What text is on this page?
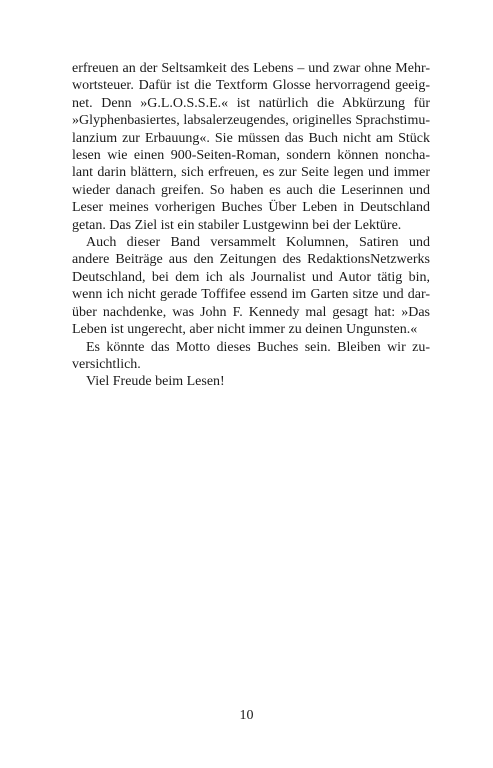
erfreuen an der Seltsamkeit des Lebens – und zwar ohne Mehr-
wortsteuer. Dafür ist die Textform Glosse hervorragend geeig-
net. Denn »G.L.O.S.S.E.« ist natürlich die Abkürzung für
»Glyphenbasiertes, labsalerzeugendes, originelles Sprachstimu-
lanzium zur Erbauung«. Sie müssen das Buch nicht am Stück
lesen wie einen 900-Seiten-Roman, sondern können noncha-
lant darin blättern, sich erfreuen, es zur Seite legen und immer
wieder danach greifen. So haben es auch die Leserinnen und
Leser meines vorherigen Buches Über Leben in Deutschland
getan. Das Ziel ist ein stabiler Lustgewinn bei der Lektüre.
Auch dieser Band versammelt Kolumnen, Satiren und
andere Beiträge aus den Zeitungen des RedaktionsNetzwerks
Deutschland, bei dem ich als Journalist und Autor tätig bin,
wenn ich nicht gerade Toffifee essend im Garten sitze und dar-
über nachdenke, was John F. Kennedy mal gesagt hat: »Das
Leben ist ungerecht, aber nicht immer zu deinen Ungunsten.«
Es könnte das Motto dieses Buches sein. Bleiben wir zu-
versichtlich.
Viel Freude beim Lesen!
10
